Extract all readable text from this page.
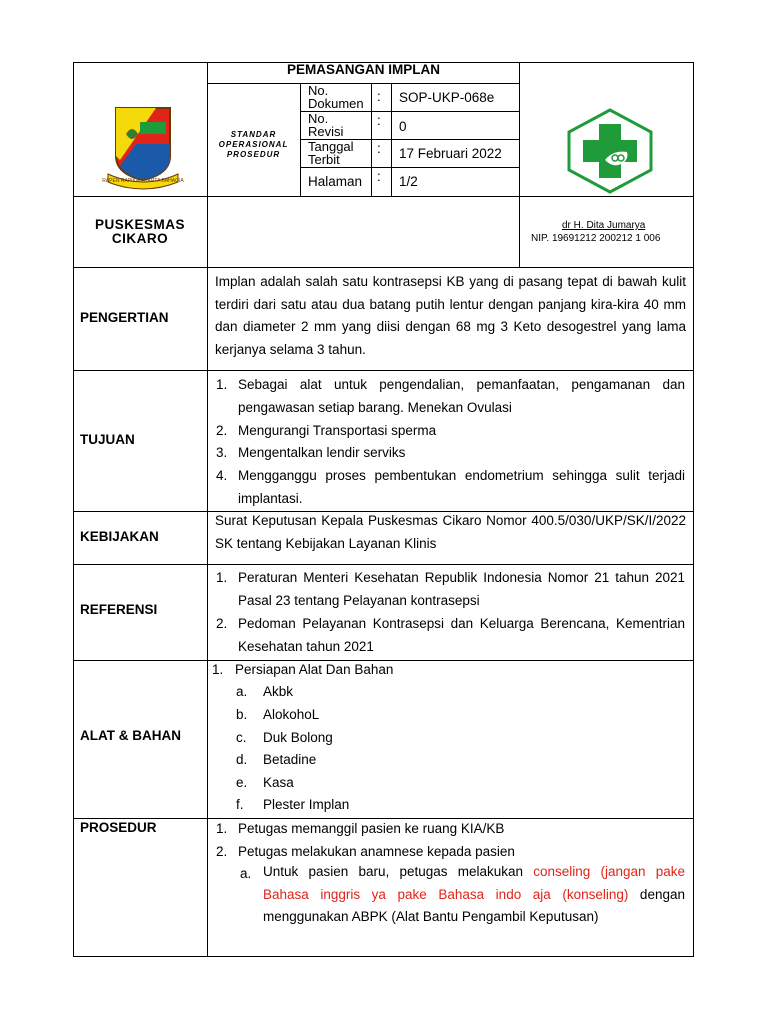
RAPEN RAPIKAN KARTA BAHAGIA
STANDAR
OPERASIONAL
PROSEDUR
PEMASANGAN IMPLAN
No.
Dokumen : SOP-UKP-068e
No.
Revisi
: 0
Tanggal
Terbit
: 17 Februari 2022
Halaman : 1/2
PUSKESMAS
CIKARO
dr H. Dita Jumarya
NIP. 19691212 200212 1 006
PENGERTIAN
Implan adalah salah satu kontrasepsi KB yang di pasang tepat di bawah kulit terdiri dari satu atau dua batang putih lentur dengan panjang kira-kira 40 mm dan diameter 2 mm yang diisi dengan 68 mg 3 Keto desogestrel yang lama kerjanya selama 3 tahun.
TUJUAN
1. Sebagai alat untuk pengendalian, pemanfaatan, pengamanan dan pengawasan setiap barang. Menekan Ovulasi
2. Mengurangi Transportasi sperma
3. Mengentalkan lendir serviks
4. Mengganggu proses pembentukan endometrium sehingga sulit terjadi implantasi.
KEBIJAKAN
Surat Keputusan Kepala Puskesmas Cikaro Nomor 400.5/030/UKP/SK/I/2022 SK tentang Kebijakan Layanan Klinis
REFERENSI
1. Peraturan Menteri Kesehatan Republik Indonesia Nomor 21 tahun 2021 Pasal 23 tentang Pelayanan kontrasepsi
2. Pedoman Pelayanan Kontrasepsi dan Keluarga Berencana, Kementrian Kesehatan tahun 2021
ALAT & BAHAN
1. Persiapan Alat Dan Bahan
a. Akbk
b. AlokohoL
c. Duk Bolong
d. Betadine
e. Kasa
f. Plester Implan
PROSEDUR	1. Petugas memanggil pasien ke ruang KIA/KB
2. Petugas melakukan anamnese kepada pasien
a. Untuk pasien baru, petugas melakukan conseling (jangan pake Bahasa inggris ya pake Bahasa indo aja (konseling) dengan menggunakan ABPK (Alat Bantu Pengambil Keputusan)
